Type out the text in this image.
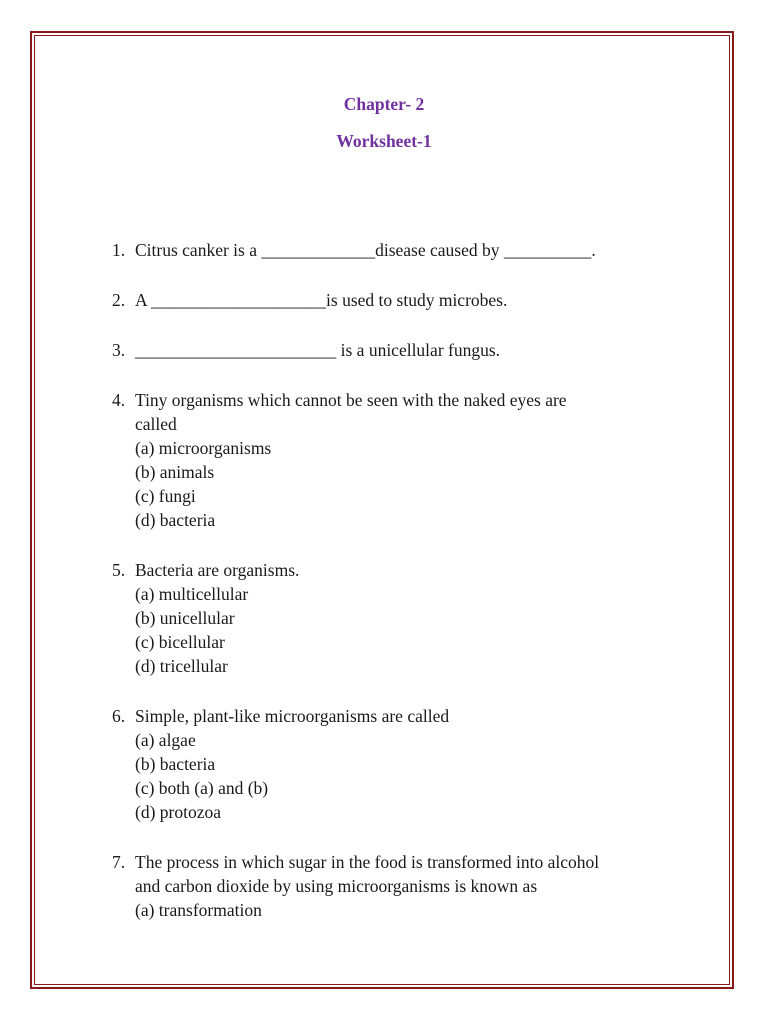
Chapter- 2
Worksheet-1
1. Citrus canker is a _____________disease caused by __________.
2. A ____________________is used to study microbes.
3. _______________________ is a unicellular fungus.
4. Tiny organisms which cannot be seen with the naked eyes are
called
(a) microorganisms
(b) animals
(c) fungi
(d) bacteria
5. Bacteria are organisms.
(a) multicellular
(b) unicellular
(c) bicellular
(d) tricellular
6. Simple, plant-like microorganisms are called
(a) algae
(b) bacteria
(c) both (a) and (b)
(d) protozoa
7. The process in which sugar in the food is transformed into alcohol
and carbon dioxide by using microorganisms is known as
(a) transformation
